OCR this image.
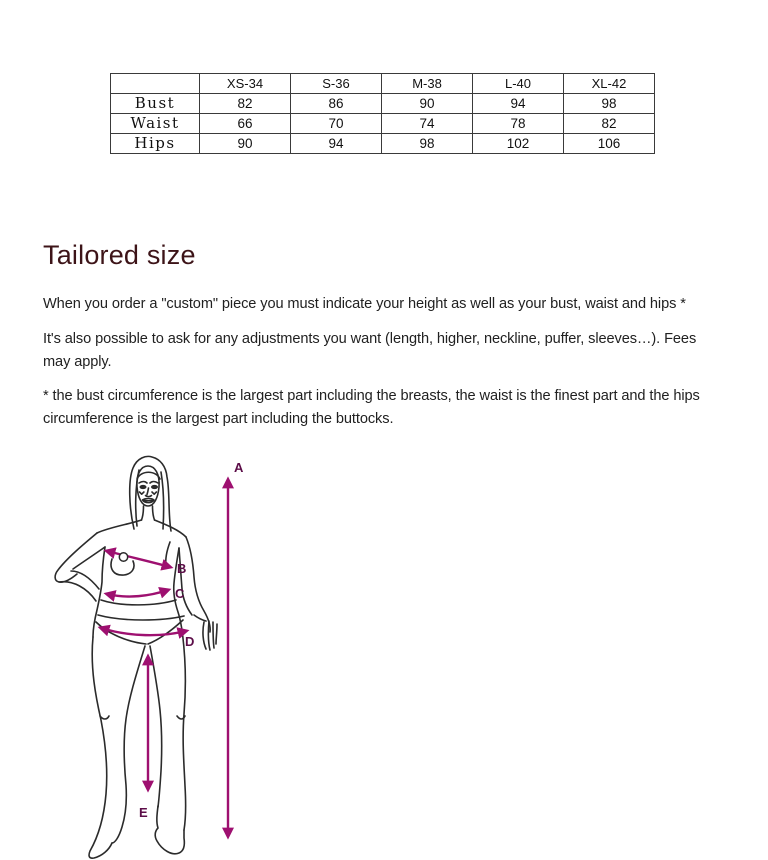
	XS-34	S-36	M-38	L-40	XL-42
Bust	82	86	90	94	98
Waist	66	70	74	78	82
Hips	90	94	98	102	106
Tailored size

When you order a "custom" piece you must indicate your height as well as your bust, waist and hips *

It's also possible to ask for any adjustments you want (length, higher, neckline, puffer, sleeves…). Fees may apply.

* the bust circumference is the largest part including the breasts, the waist is the finest part and the hips circumference is the largest part including the buttocks.

A
B
C
D
E
